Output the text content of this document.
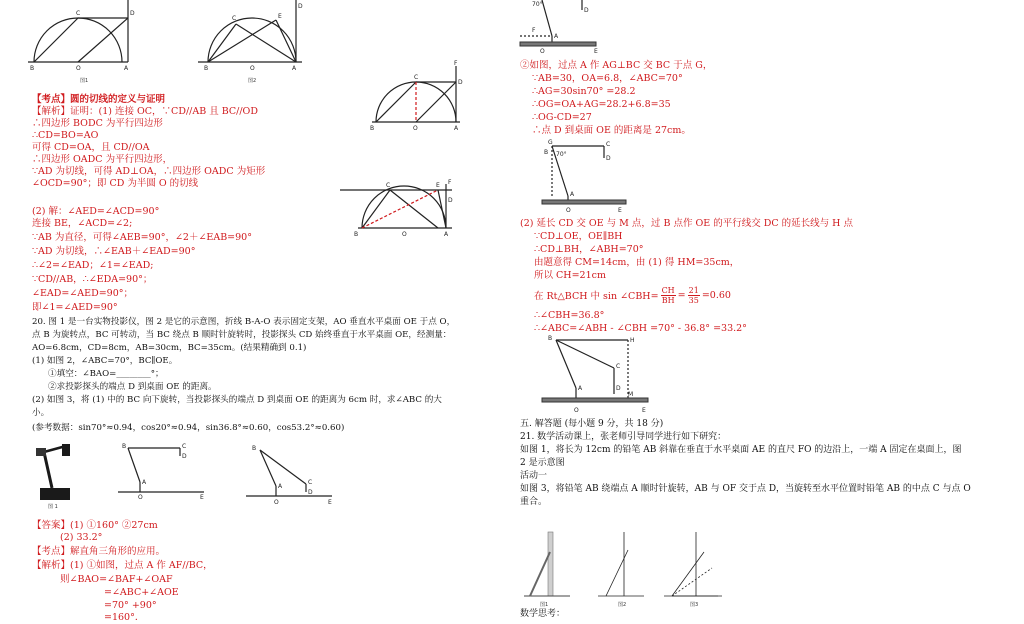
C	D
B	O	A
图1
C	E
D
B	O	A
图2	C
F
D
B	O	A
C	E F
D
B	O	A
【考点】圆的切线的定义与证明
【解析】证明：(1) 连接 OC，∵CD//AB 且 BC//OD
∴四边形 BODC 为平行四边形
∴CD=BO=AO
可得 CD=OA，且 CD//OA
∴四边形 OADC 为平行四边形，
∵AD 为切线，可得 AD⊥OA，∴四边形 OADC 为矩形
∠OCD=90°；即 CD 为半圆 O 的切线
(2) 解：∠AED=∠ACD=90°
连接 BE，∠ACD=∠2;
∵AB 为直径，可得∠AEB=90°，∠2＋∠EAB=90°
∵AD 为切线，∴∠EAB＋∠EAD=90°
∴∠2=∠EAD；∠1=∠EAD;
∵CD//AB，∴∠EDA=90°；
∠EAD=∠AED=90°；
即∠1=∠AED=90°
20. 图 1 是一台实物投影仪，图 2 是它的示意图，折线 B-A-O 表示固定支架，AO 垂直水平桌面 OE 于点 O，
点 B 为旋转点，BC 可转动，当 BC 绕点 B 顺时针旋转时，投影探头 CD 始终垂直于水平桌面 OE，经测量：
AO=6.8cm，CD=8cm，AB=30cm，BC=35cm。(结果精确到 0.1)
(1) 如图 2，∠ABC=70°，BC∥OE。
①填空：∠BAO=________°；
②求投影探头的端点 D 到桌面 OE 的距离。
(2) 如图 3，将 (1) 中的 BC 向下旋转，当投影探头的端点 D 到桌面 OE 的距离为 6cm 时，求∠ABC 的大
小。
(参考数据：sin70°≈0.94，cos20°≈0.94，sin36.8°≈0.60，cos53.2°≈0.60)
图 1
B	C
D
A
O	E
B
C
D
A
O	E
【答案】(1) ①160° ②27cm
(2) 33.2°
【考点】解直角三角形的应用。
【解析】(1) ①如图，过点 A 作 AF//BC，
则∠BAO=∠BAF+∠OAF
=∠ABC+∠AOE
=70° +90°
=160°．
70°
D
F
A
O	E
②如图，过点 A 作 AG⊥BC 交 BC 于点 G，
∵AB=30，OA=6.8，∠ABC=70°
∴AG=30sin70° =28.2
∴OG=OA+AG=28.2+6.8=35
∴OG-CD=27
∴点 D 到桌面 OE 的距离是 27cm。
G
B 70°
C
D
A
O	E
(2) 延长 CD 交 OE 与 M 点，过 B 点作 OE 的平行线交 DC 的延长线与 H 点
∵CD⊥OE，OE∥BH
∴CD⊥BH，∠ABH=70°
由题意得 CM=14cm，由 (1) 得 HM=35cm，
所以 CH=21cm
在 Rt△BCH 中 sin ∠CBH= $\frac{CH}{BH} = \frac{21}{35} =0.60$
∴∠CBH=36.8°
∴∠ABC=∠ABH - ∠CBH =70° - 36.8° =33.2°
B	H
C
D
A
O
M
E
五. 解答题 (每小题 9 分，共 18 分)
21. 数学活动课上，张老师引导同学进行如下研究：
如图 1，将长为 12cm 的铅笔 AB 斜靠在垂直于水平桌面 AE 的直尺 FO 的边沿上，一端 A 固定在桌面上，图
2 是示意图
活动一
如图 3，将铅笔 AB 绕端点 A 顺时针旋转，AB 与 OF 交于点 D，当旋转至水平位置时铅笔 AB 的中点 C 与点 O
重合。
图1	图2	图3
数学思考：
